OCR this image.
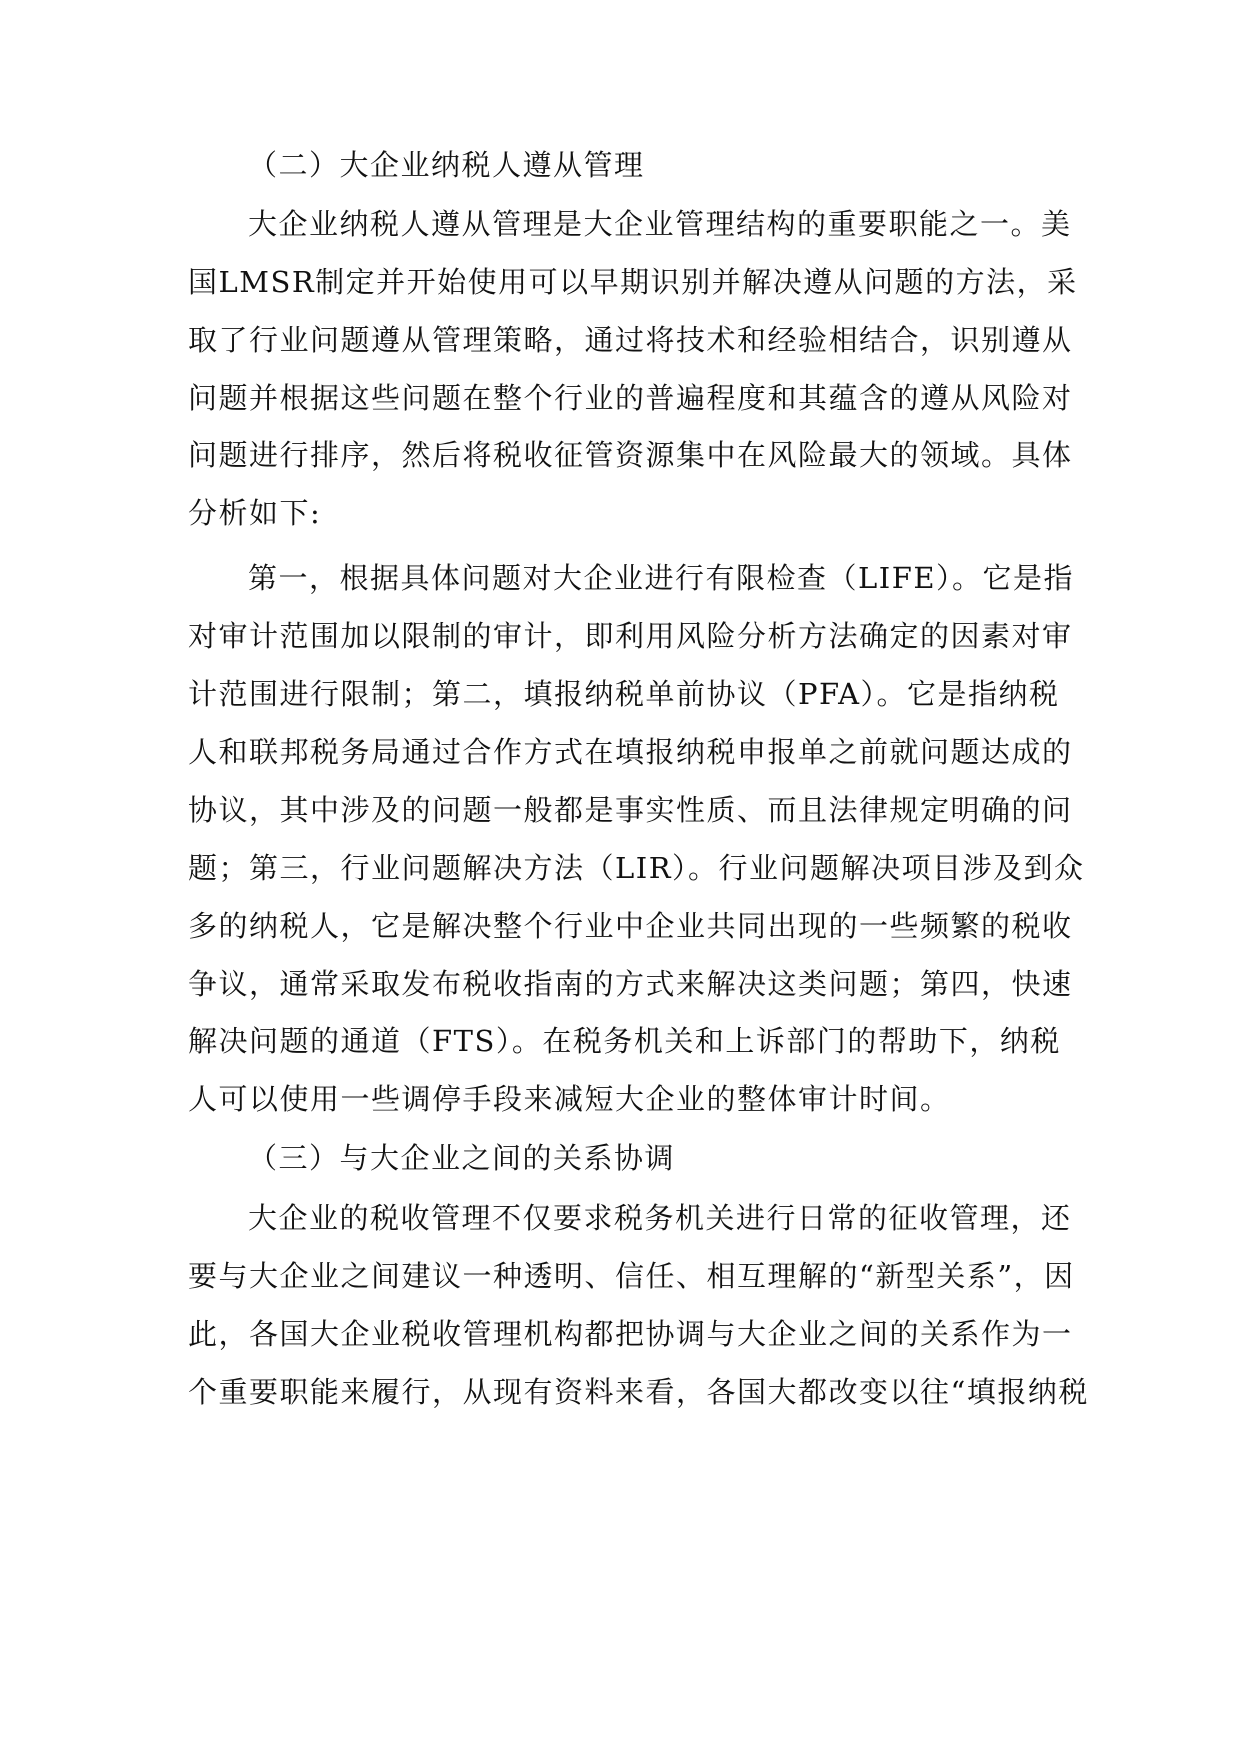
（二）大企业纳税人遵从管理
大企业纳税人遵从管理是大企业管理结构的重要职能之一。美
国LMSR制定并开始使用可以早期识别并解决遵从问题的方法，采
取了行业问题遵从管理策略，通过将技术和经验相结合，识别遵从
问题并根据这些问题在整个行业的普遍程度和其蕴含的遵从风险对
问题进行排序，然后将税收征管资源集中在风险最大的领域。具体
分析如下:
第一，根据具体问题对大企业进行有限检查（LIFE）。它是指
对审计范围加以限制的审计，即利用风险分析方法确定的因素对审
计范围进行限制；第二，填报纳税单前协议（PFA）。它是指纳税
人和联邦税务局通过合作方式在填报纳税申报单之前就问题达成的
协议，其中涉及的问题一般都是事实性质、而且法律规定明确的问
题；第三，行业问题解决方法（LIR）。行业问题解决项目涉及到众
多的纳税人，它是解决整个行业中企业共同出现的一些频繁的税收
争议，通常采取发布税收指南的方式来解决这类问题；第四，快速
解决问题的通道（FTS）。在税务机关和上诉部门的帮助下，纳税
人可以使用一些调停手段来减短大企业的整体审计时间。
（三）与大企业之间的关系协调
大企业的税收管理不仅要求税务机关进行日常的征收管理，还
要与大企业之间建议一种透明、信任、相互理解的“新型关系”，因
此，各国大企业税收管理机构都把协调与大企业之间的关系作为一
个重要职能来履行，从现有资料来看，各国大都改变以往“填报纳税
